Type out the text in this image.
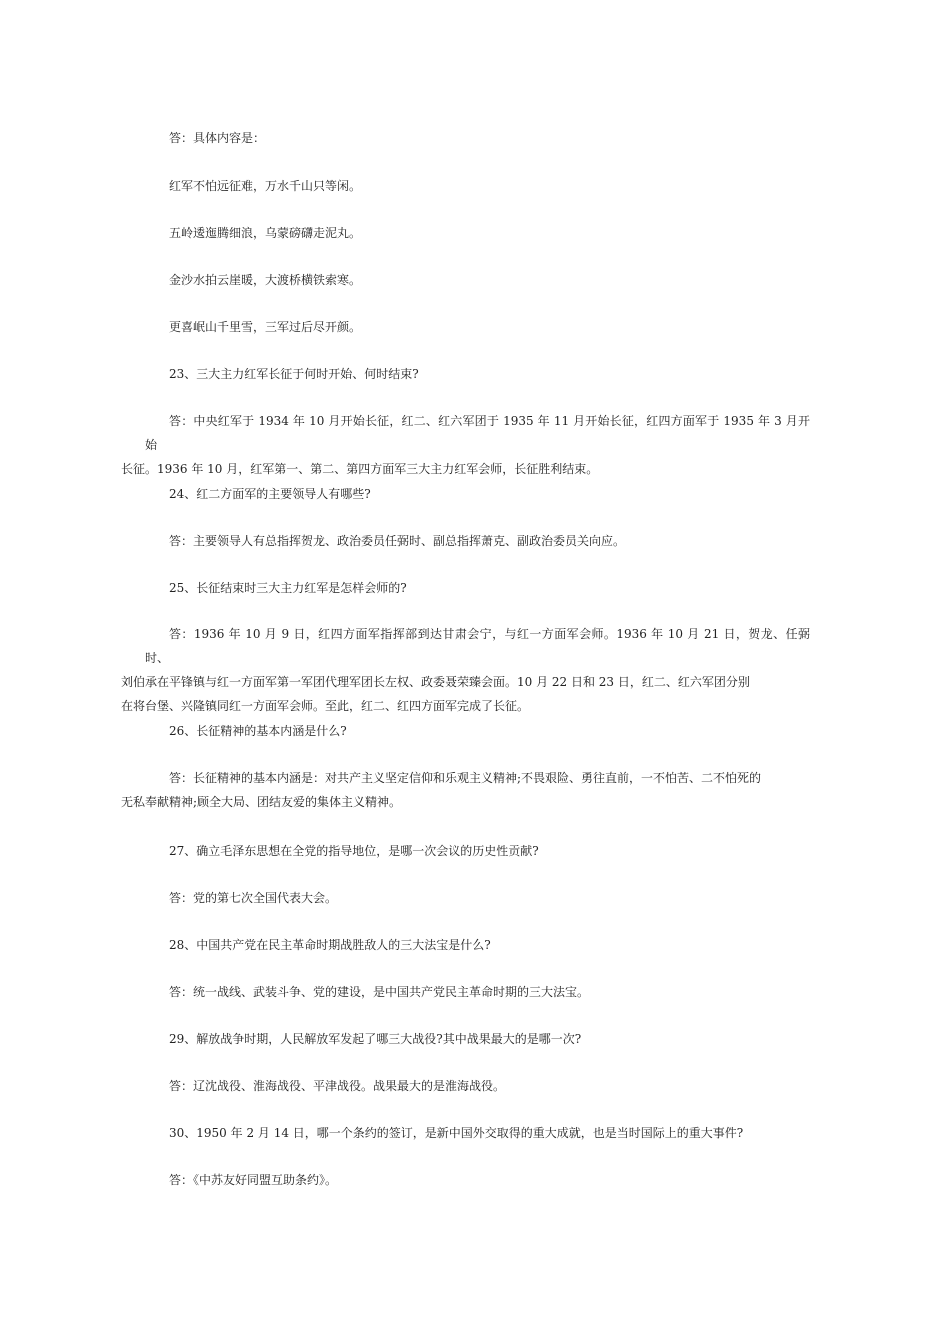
答：具体内容是：

红军不怕远征难，万水千山只等闲。

五岭逶迤腾细浪，乌蒙磅礴走泥丸。

金沙水拍云崖暖，大渡桥横铁索寒。

更喜岷山千里雪，三军过后尽开颜。

23、三大主力红军长征于何时开始、何时结束?

答：中央红军于 1934 年 10 月开始长征，红二、红六军团于 1935 年 11 月开始长征，红四方面军于 1935 年 3 月开始
长征。1936 年 10 月，红军第一、第二、第四方面军三大主力红军会师，长征胜利结束。

24、红二方面军的主要领导人有哪些?

答：主要领导人有总指挥贺龙、政治委员任弼时、副总指挥萧克、副政治委员关向应。

25、长征结束时三大主力红军是怎样会师的?

答：1936 年 10 月 9 日，红四方面军指挥部到达甘肃会宁，与红一方面军会师。1936 年 10 月 21 日，贺龙、任弼时、
刘伯承在平锋镇与红一方面军第一军团代理军团长左权、政委聂荣臻会面。10 月 22 日和 23 日，红二、红六军团分别
在将台堡、兴隆镇同红一方面军会师。至此，红二、红四方面军完成了长征。

26、长征精神的基本内涵是什么?

答：长征精神的基本内涵是：对共产主义坚定信仰和乐观主义精神;不畏艰险、勇往直前，一不怕苦、二不怕死的
无私奉献精神;顾全大局、团结友爱的集体主义精神。

27、确立毛泽东思想在全党的指导地位，是哪一次会议的历史性贡献?

答：党的第七次全国代表大会。

28、中国共产党在民主革命时期战胜敌人的三大法宝是什么?

答：统一战线、武装斗争、党的建设，是中国共产党民主革命时期的三大法宝。

29、解放战争时期，人民解放军发起了哪三大战役?其中战果最大的是哪一次?

答：辽沈战役、淮海战役、平津战役。战果最大的是淮海战役。

30、1950 年 2 月 14 日，哪一个条约的签订，是新中国外交取得的重大成就，也是当时国际上的重大事件?

答：《中苏友好同盟互助条约》。
